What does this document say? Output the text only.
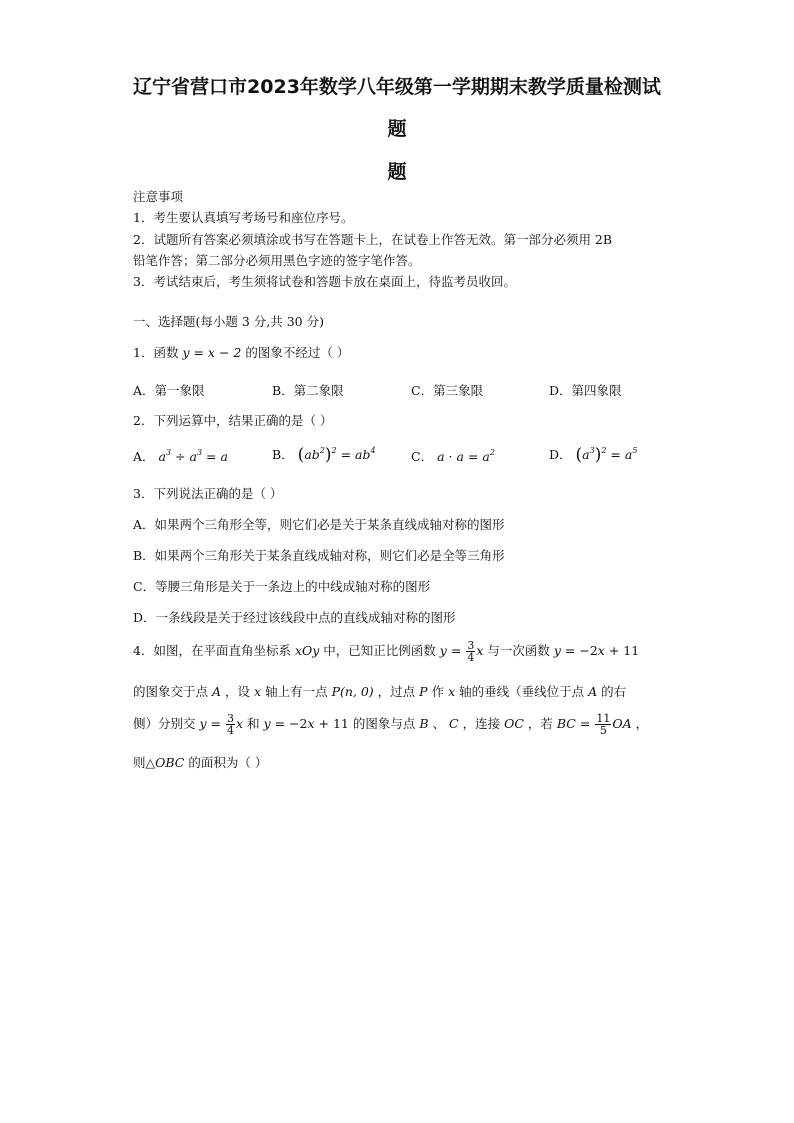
辽宁省营口市2023年数学八年级第一学期期末教学质量检测试
题
题
注意事项
1．考生要认真填写考场号和座位序号。
2．试题所有答案必须填涂或书写在答题卡上，在试卷上作答无效。第一部分必须用 2B
铅笔作答；第二部分必须用黑色字迹的签字笔作答。
3．考试结束后，考生须将试卷和答题卡放在桌面上，待监考员收回。
一、选择题(每小题 3 分,共 30 分)
1．函数 y = x − 2 的图象不经过（ ）
A．第一象限	B．第二象限	C．第三象限	D．第四象限
2．下列运算中，结果正确的是（ ）
A． $a^3 \div a^3 = a$	B． $(ab^2)^2 = ab^4$	C． $a \cdot a = a^2$	D． $(a^3)^2 = a^5$
3．下列说法正确的是（ ）
A．如果两个三角形全等，则它们必是关于某条直线成轴对称的图形
B．如果两个三角形关于某条直线成轴对称，则它们必是全等三角形
C．等腰三角形是关于一条边上的中线成轴对称的图形
D．一条线段是关于经过该线段中点的直线成轴对称的图形
4．如图，在平面直角坐标系 xOy 中，已知正比例函数 $y = \frac{3}{4}$ x 与一次函数 y = −2x + 11
的图象交于点 A ，设 x 轴上有一点 P(n, 0) ，过点 P 作 x 轴的垂线（垂线位于点 A 的右
侧）分别交 $y = \frac{3}{4}$ x 和 y = −2x + 11 的图象与点 B 、 C ，连接 OC ，若 BC = $\frac{11}{5}$ OA ，
则△OBC 的面积为（ ）
